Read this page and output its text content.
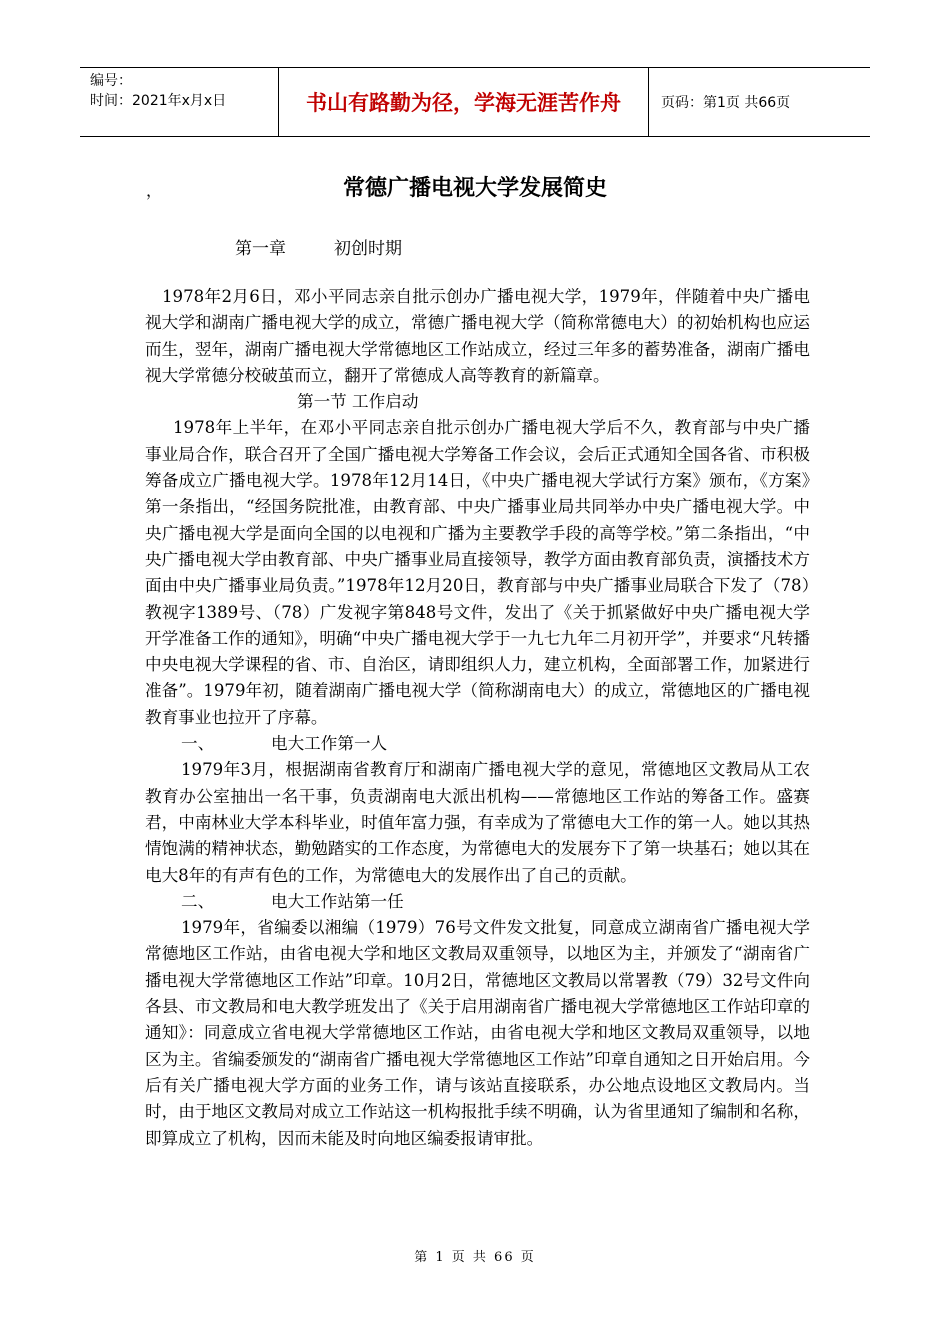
编号：
时间：2021年x月x日	书山有路勤为径，学海无涯苦作舟	页码：第1页 共66页
，	常德广播电视大学发展简史
第一章	初创时期

1978年2月6日，邓小平同志亲自批示创办广播电视大学，1979年，伴随着中央广播电视大学和湖南广播电视大学的成立，常德广播电视大学（简称常德电大）的初始机构也应运而生，翌年，湖南广播电视大学常德地区工作站成立，经过三年多的蓄势准备，湖南广播电视大学常德分校破茧而立，翻开了常德成人高等教育的新篇章。

第一节 工作启动

1978年上半年，在邓小平同志亲自批示创办广播电视大学后不久，教育部与中央广播事业局合作，联合召开了全国广播电视大学筹备工作会议，会后正式通知全国各省、市积极筹备成立广播电视大学。1978年12月14日，《中央广播电视大学试行方案》颁布，《方案》第一条指出，“经国务院批准，由教育部、中央广播事业局共同举办中央广播电视大学。中央广播电视大学是面向全国的以电视和广播为主要教学手段的高等学校。”第二条指出，“中央广播电视大学由教育部、中央广播事业局直接领导，教学方面由教育部负责，演播技术方面由中央广播事业局负责。”1978年12月20日，教育部与中央广播事业局联合下发了（78）教视字1389号、（78）广发视字第848号文件，发出了《关于抓紧做好中央广播电视大学开学准备工作的通知》，明确“中央广播电视大学于一九七九年二月初开学”，并要求“凡转播中央电视大学课程的省、市、自治区，请即组织人力，建立机构，全面部署工作，加紧进行准备”。1979年初，随着湖南广播电视大学（简称湖南电大）的成立，常德地区的广播电视教育事业也拉开了序幕。

一、	电大工作第一人

1979年3月，根据湖南省教育厅和湖南广播电视大学的意见，常德地区文教局从工农教育办公室抽出一名干事，负责湖南电大派出机构——常德地区工作站的筹备工作。盛赛君，中南林业大学本科毕业，时值年富力强，有幸成为了常德电大工作的第一人。她以其热情饱满的精神状态，勤勉踏实的工作态度，为常德电大的发展夯下了第一块基石；她以其在电大8年的有声有色的工作，为常德电大的发展作出了自己的贡献。

二、	电大工作站第一任

1979年，省编委以湘编（1979）76号文件发文批复，同意成立湖南省广播电视大学常德地区工作站，由省电视大学和地区文教局双重领导，以地区为主，并颁发了“湖南省广播电视大学常德地区工作站”印章。10月2日，常德地区文教局以常署教（79）32号文件向各县、市文教局和电大教学班发出了《关于启用湖南省广播电视大学常德地区工作站印章的通知》：同意成立省电视大学常德地区工作站，由省电视大学和地区文教局双重领导，以地区为主。省编委颁发的“湖南省广播电视大学常德地区工作站”印章自通知之日开始启用。今后有关广播电视大学方面的业务工作，请与该站直接联系，办公地点设地区文教局内。当时，由于地区文教局对成立工作站这一机构报批手续不明确，认为省里通知了编制和名称，即算成立了机构，因而未能及时向地区编委报请审批。

第 1 页 共 66 页
